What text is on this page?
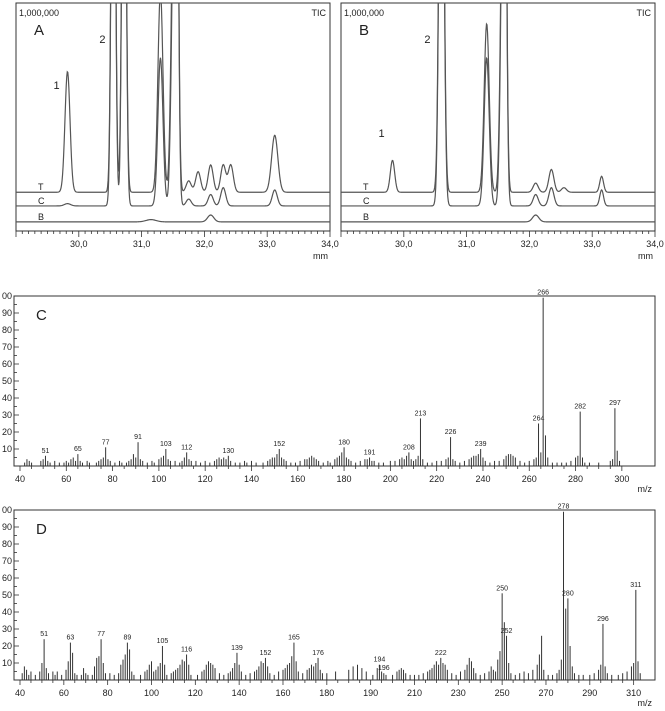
30,0	31,0	32,0	33,0	34,0
mm
1,000,000	TIC
A
T
C
B
1
2
30,0	31,0	32,0	33,0	34,0
mm
1,000,000	TIC
B
T
C
B
1
2
00
90
80
70
60
50
40
30
20
10
40	60	80	100	120	140	160	180	200	220	240	260	280	300
m/z
C
51	65
77
91
103 112	130
152	180
191
208
213
226
239
264
266
282	297
00
90
80
70
60
50
40
30
20
10
40	60	80	100	120	140	160	180	190	210	230	250	270	290	310
m/z
D
51	63	77	89	105
116	139
152
165
176
194
196
222
250
252
278
280
296
311
